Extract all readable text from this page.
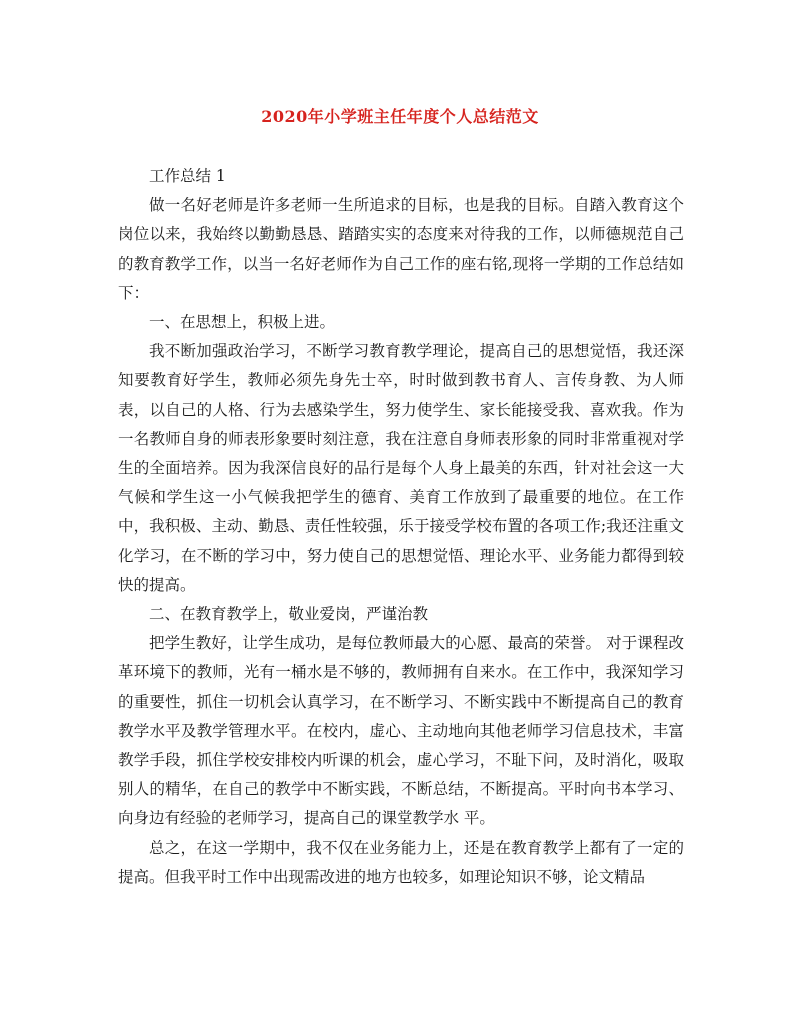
2020年小学班主任年度个人总结范文

工作总结 1

做一名好老师是许多老师一生所追求的目标，也是我的目标。自踏入教育这个岗位以来，我始终以勤勤恳恳、踏踏实实的态度来对待我的工作，以师德规范自己的教育教学工作，以当一名好老师作为自己工作的座右铭,现将一学期的工作总结如下：

一、在思想上，积极上进。

我不断加强政治学习，不断学习教育教学理论，提高自己的思想觉悟，我还深知要教育好学生，教师必须先身先士卒，时时做到教书育人、言传身教、为人师表，以自己的人格、行为去感染学生，努力使学生、家长能接受我、喜欢我。作为一名教师自身的师表形象要时刻注意，我在注意自身师表形象的同时非常重视对学生的全面培养。因为我深信良好的品行是每个人身上最美的东西，针对社会这一大气候和学生这一小气候我把学生的德育、美育工作放到了最重要的地位。在工作中，我积极、主动、勤恳、责任性较强，乐于接受学校布置的各项工作;我还注重文化学习，在不断的学习中，努力使自己的思想觉悟、理论水平、业务能力都得到较快的提高。

二、在教育教学上，敬业爱岗，严谨治教

把学生教好，让学生成功，是每位教师最大的心愿、最高的荣誉。 对于课程改革环境下的教师，光有一桶水是不够的，教师拥有自来水。在工作中，我深知学习的重要性，抓住一切机会认真学习，在不断学习、不断实践中不断提高自己的教育教学水平及教学管理水平。在校内，虚心、主动地向其他老师学习信息技术，丰富教学手段，抓住学校安排校内听课的机会，虚心学习，不耻下问，及时消化，吸取别人的精华，在自己的教学中不断实践，不断总结，不断提高。平时向书本学习、向身边有经验的老师学习，提高自己的课堂教学水 平。

总之，在这一学期中，我不仅在业务能力上，还是在教育教学上都有了一定的提高。但我平时工作中出现需改进的地方也较多，如理论知识不够，论文精品
